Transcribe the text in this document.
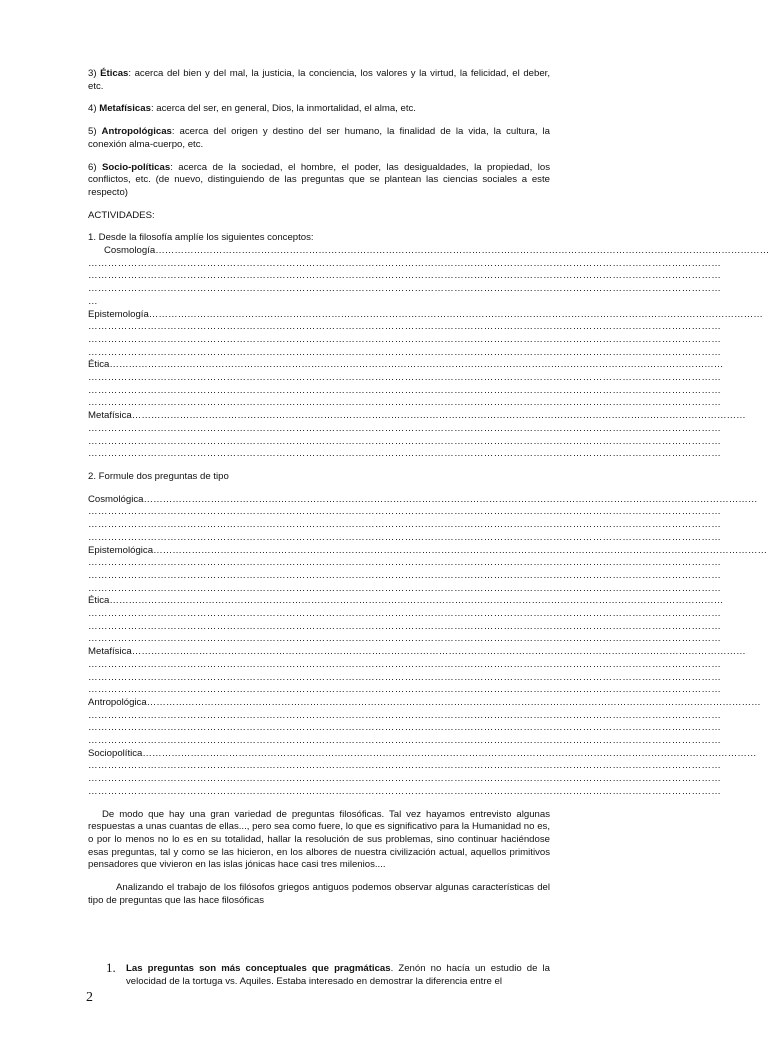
3) Éticas: acerca del bien y del mal, la justicia, la conciencia, los valores y la virtud, la felicidad, el deber, etc.

4) Metafísicas: acerca del ser, en general, Dios, la inmortalidad, el alma, etc.

5) Antropológicas: acerca del origen y destino del ser humano, la finalidad de la vida, la cultura, la conexión alma-cuerpo, etc.

6) Socio-políticas: acerca de la sociedad, el hombre, el poder, las desigualdades, la propiedad, los conflictos, etc. (de nuevo, distinguiendo de las preguntas que se plantean las ciencias sociales a este respecto)

ACTIVIDADES:

1. Desde la filosofía amplíe los siguientes conceptos:

Cosmología…………………………………………………………………………………………………………………………………………………………………………

…………………………………………………………………………………………………………………………………………………………………………

…………………………………………………………………………………………………………………………………………………………………………

…………………………………………………………………………………………………………………………………………………………………………

…

Epistemología…………………………………………………………………………………………………………………………………………………………………………

…………………………………………………………………………………………………………………………………………………………………………

…………………………………………………………………………………………………………………………………………………………………………

…………………………………………………………………………………………………………………………………………………………………………

Ética…………………………………………………………………………………………………………………………………………………………………………

…………………………………………………………………………………………………………………………………………………………………………

…………………………………………………………………………………………………………………………………………………………………………

…………………………………………………………………………………………………………………………………………………………………………

Metafísica…………………………………………………………………………………………………………………………………………………………………………

…………………………………………………………………………………………………………………………………………………………………………

…………………………………………………………………………………………………………………………………………………………………………

…………………………………………………………………………………………………………………………………………………………………………

2. Formule dos preguntas de tipo

Cosmológica…………………………………………………………………………………………………………………………………………………………………………

…………………………………………………………………………………………………………………………………………………………………………

…………………………………………………………………………………………………………………………………………………………………………

…………………………………………………………………………………………………………………………………………………………………………

Epistemológica…………………………………………………………………………………………………………………………………………………………………………

…………………………………………………………………………………………………………………………………………………………………………

…………………………………………………………………………………………………………………………………………………………………………

…………………………………………………………………………………………………………………………………………………………………………

Ética…………………………………………………………………………………………………………………………………………………………………………

…………………………………………………………………………………………………………………………………………………………………………

…………………………………………………………………………………………………………………………………………………………………………

…………………………………………………………………………………………………………………………………………………………………………

Metafísica…………………………………………………………………………………………………………………………………………………………………………

…………………………………………………………………………………………………………………………………………………………………………

…………………………………………………………………………………………………………………………………………………………………………

…………………………………………………………………………………………………………………………………………………………………………

Antropológica…………………………………………………………………………………………………………………………………………………………………………

…………………………………………………………………………………………………………………………………………………………………………

…………………………………………………………………………………………………………………………………………………………………………

…………………………………………………………………………………………………………………………………………………………………………

Sociopolítica…………………………………………………………………………………………………………………………………………………………………………

…………………………………………………………………………………………………………………………………………………………………………

…………………………………………………………………………………………………………………………………………………………………………

…………………………………………………………………………………………………………………………………………………………………………

De modo que hay una gran variedad de preguntas filosóficas. Tal vez hayamos entrevisto algunas respuestas a unas cuantas de ellas..., pero sea como fuere, lo que es significativo para la Humanidad no es, o por lo menos no lo es en su totalidad, hallar la resolución de sus problemas, sino continuar haciéndose esas preguntas, tal y como se las hicieron, en los albores de nuestra civilización actual, aquellos primitivos pensadores que vivieron en las islas jónicas hace casi tres milenios....

Analizando el trabajo de los filósofos griegos antiguos podemos observar algunas características del tipo de preguntas que las hace filosóficas

1. Las preguntas son más conceptuales que pragmáticas. Zenón no hacía un estudio de la velocidad de la tortuga vs. Aquiles. Estaba interesado en demostrar la diferencia entre el

2
